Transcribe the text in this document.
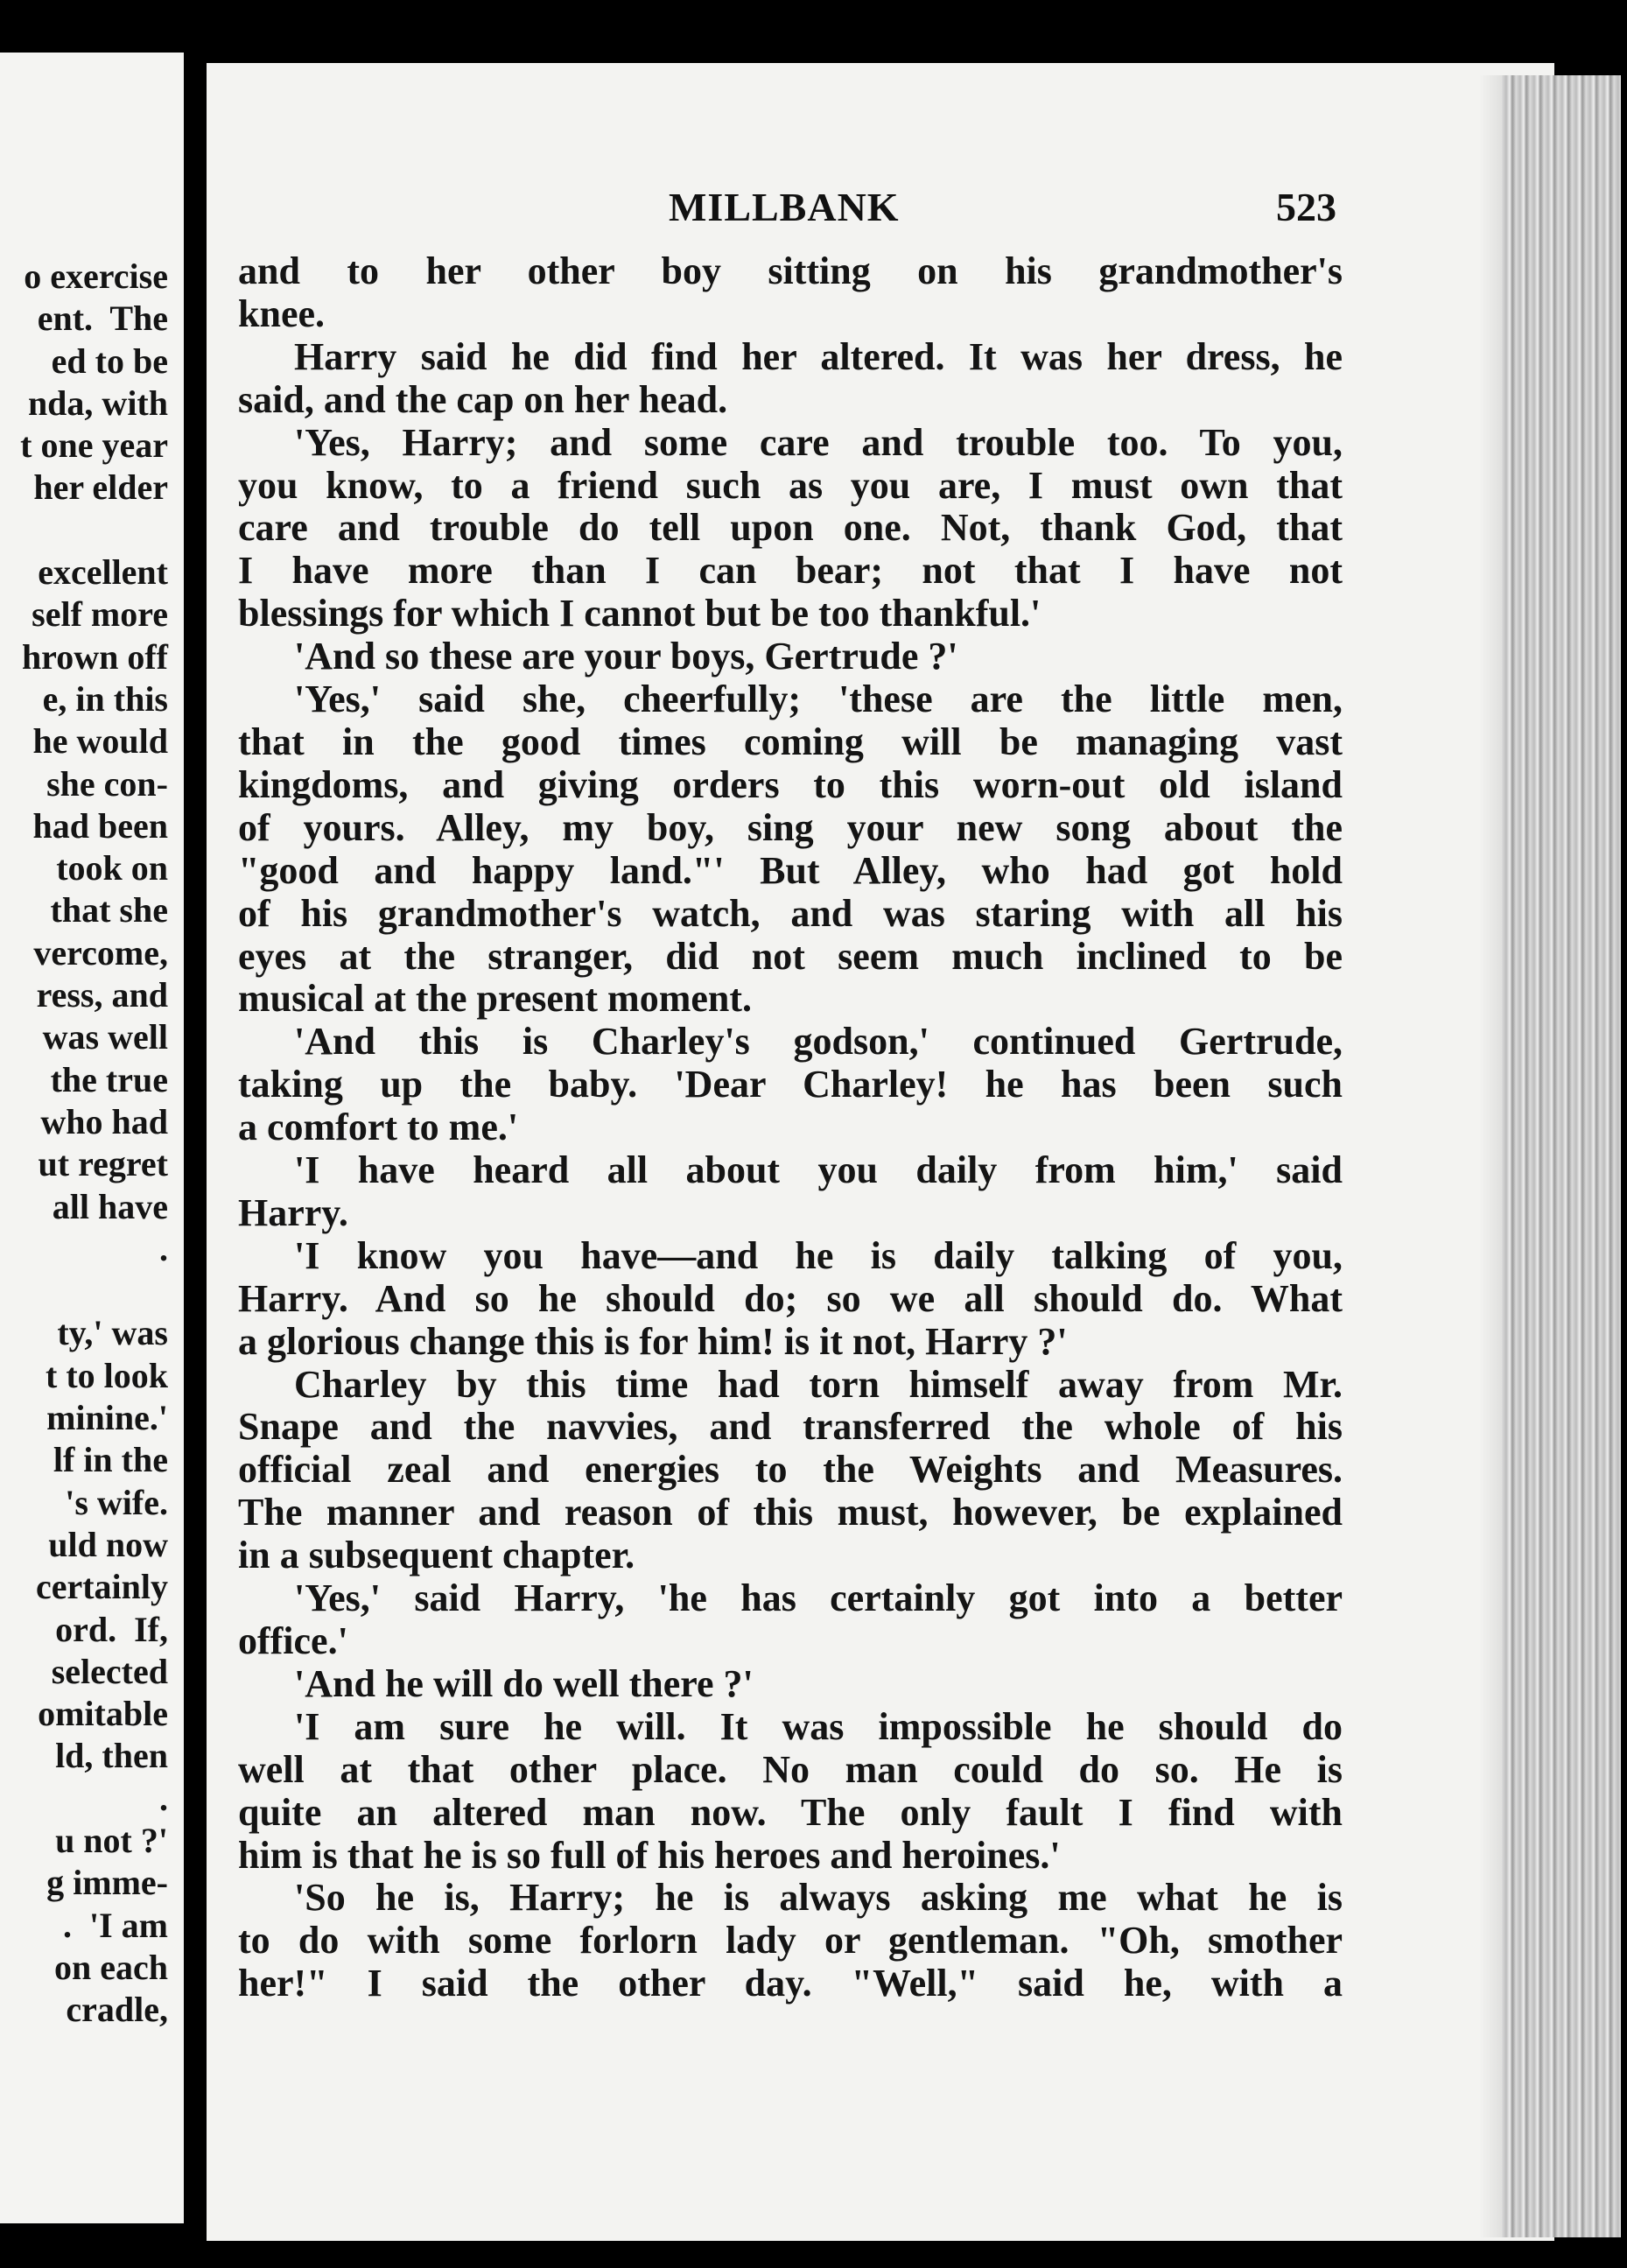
o exercise
ent.  The
ed to be
nda, with
t one year
her elder

excellent
self more
hrown off
e, in this
he would
she con-
had been
took on
that she
vercome,
ress, and
was well
the true
who had
ut regret
all have
.

ty,' was
t to look
minine.'
lf in the
's wife.
uld now
certainly
ord.  If,
selected
omitable
ld, then
.
u not ?'
g imme-
.  'I am
on each
cradle,
MILLBANK	523
and to her other boy sitting on his grandmother's
knee.
Harry said he did find her altered. It was her dress, he
said, and the cap on her head.
'Yes, Harry; and some care and trouble too. To you,
you know, to a friend such as you are, I must own that
care and trouble do tell upon one. Not, thank God, that
I have more than I can bear; not that I have not
blessings for which I cannot but be too thankful.'
'And so these are your boys, Gertrude ?'
'Yes,' said she, cheerfully; 'these are the little men,
that in the good times coming will be managing vast
kingdoms, and giving orders to this worn-out old island
of yours. Alley, my boy, sing your new song about the
"good and happy land."' But Alley, who had got hold
of his grandmother's watch, and was staring with all his
eyes at the stranger, did not seem much inclined to be
musical at the present moment.
'And this is Charley's godson,' continued Gertrude,
taking up the baby. 'Dear Charley! he has been such
a comfort to me.'
'I have heard all about you daily from him,' said
Harry.
'I know you have—and he is daily talking of you,
Harry. And so he should do; so we all should do. What
a glorious change this is for him! is it not, Harry ?'
Charley by this time had torn himself away from Mr.
Snape and the navvies, and transferred the whole of his
official zeal and energies to the Weights and Measures.
The manner and reason of this must, however, be explained
in a subsequent chapter.
'Yes,' said Harry, 'he has certainly got into a better
office.'
'And he will do well there ?'
'I am sure he will. It was impossible he should do
well at that other place. No man could do so. He is
quite an altered man now. The only fault I find with
him is that he is so full of his heroes and heroines.'
'So he is, Harry; he is always asking me what he is
to do with some forlorn lady or gentleman. "Oh, smother
her!" I said the other day. "Well," said he, with a
